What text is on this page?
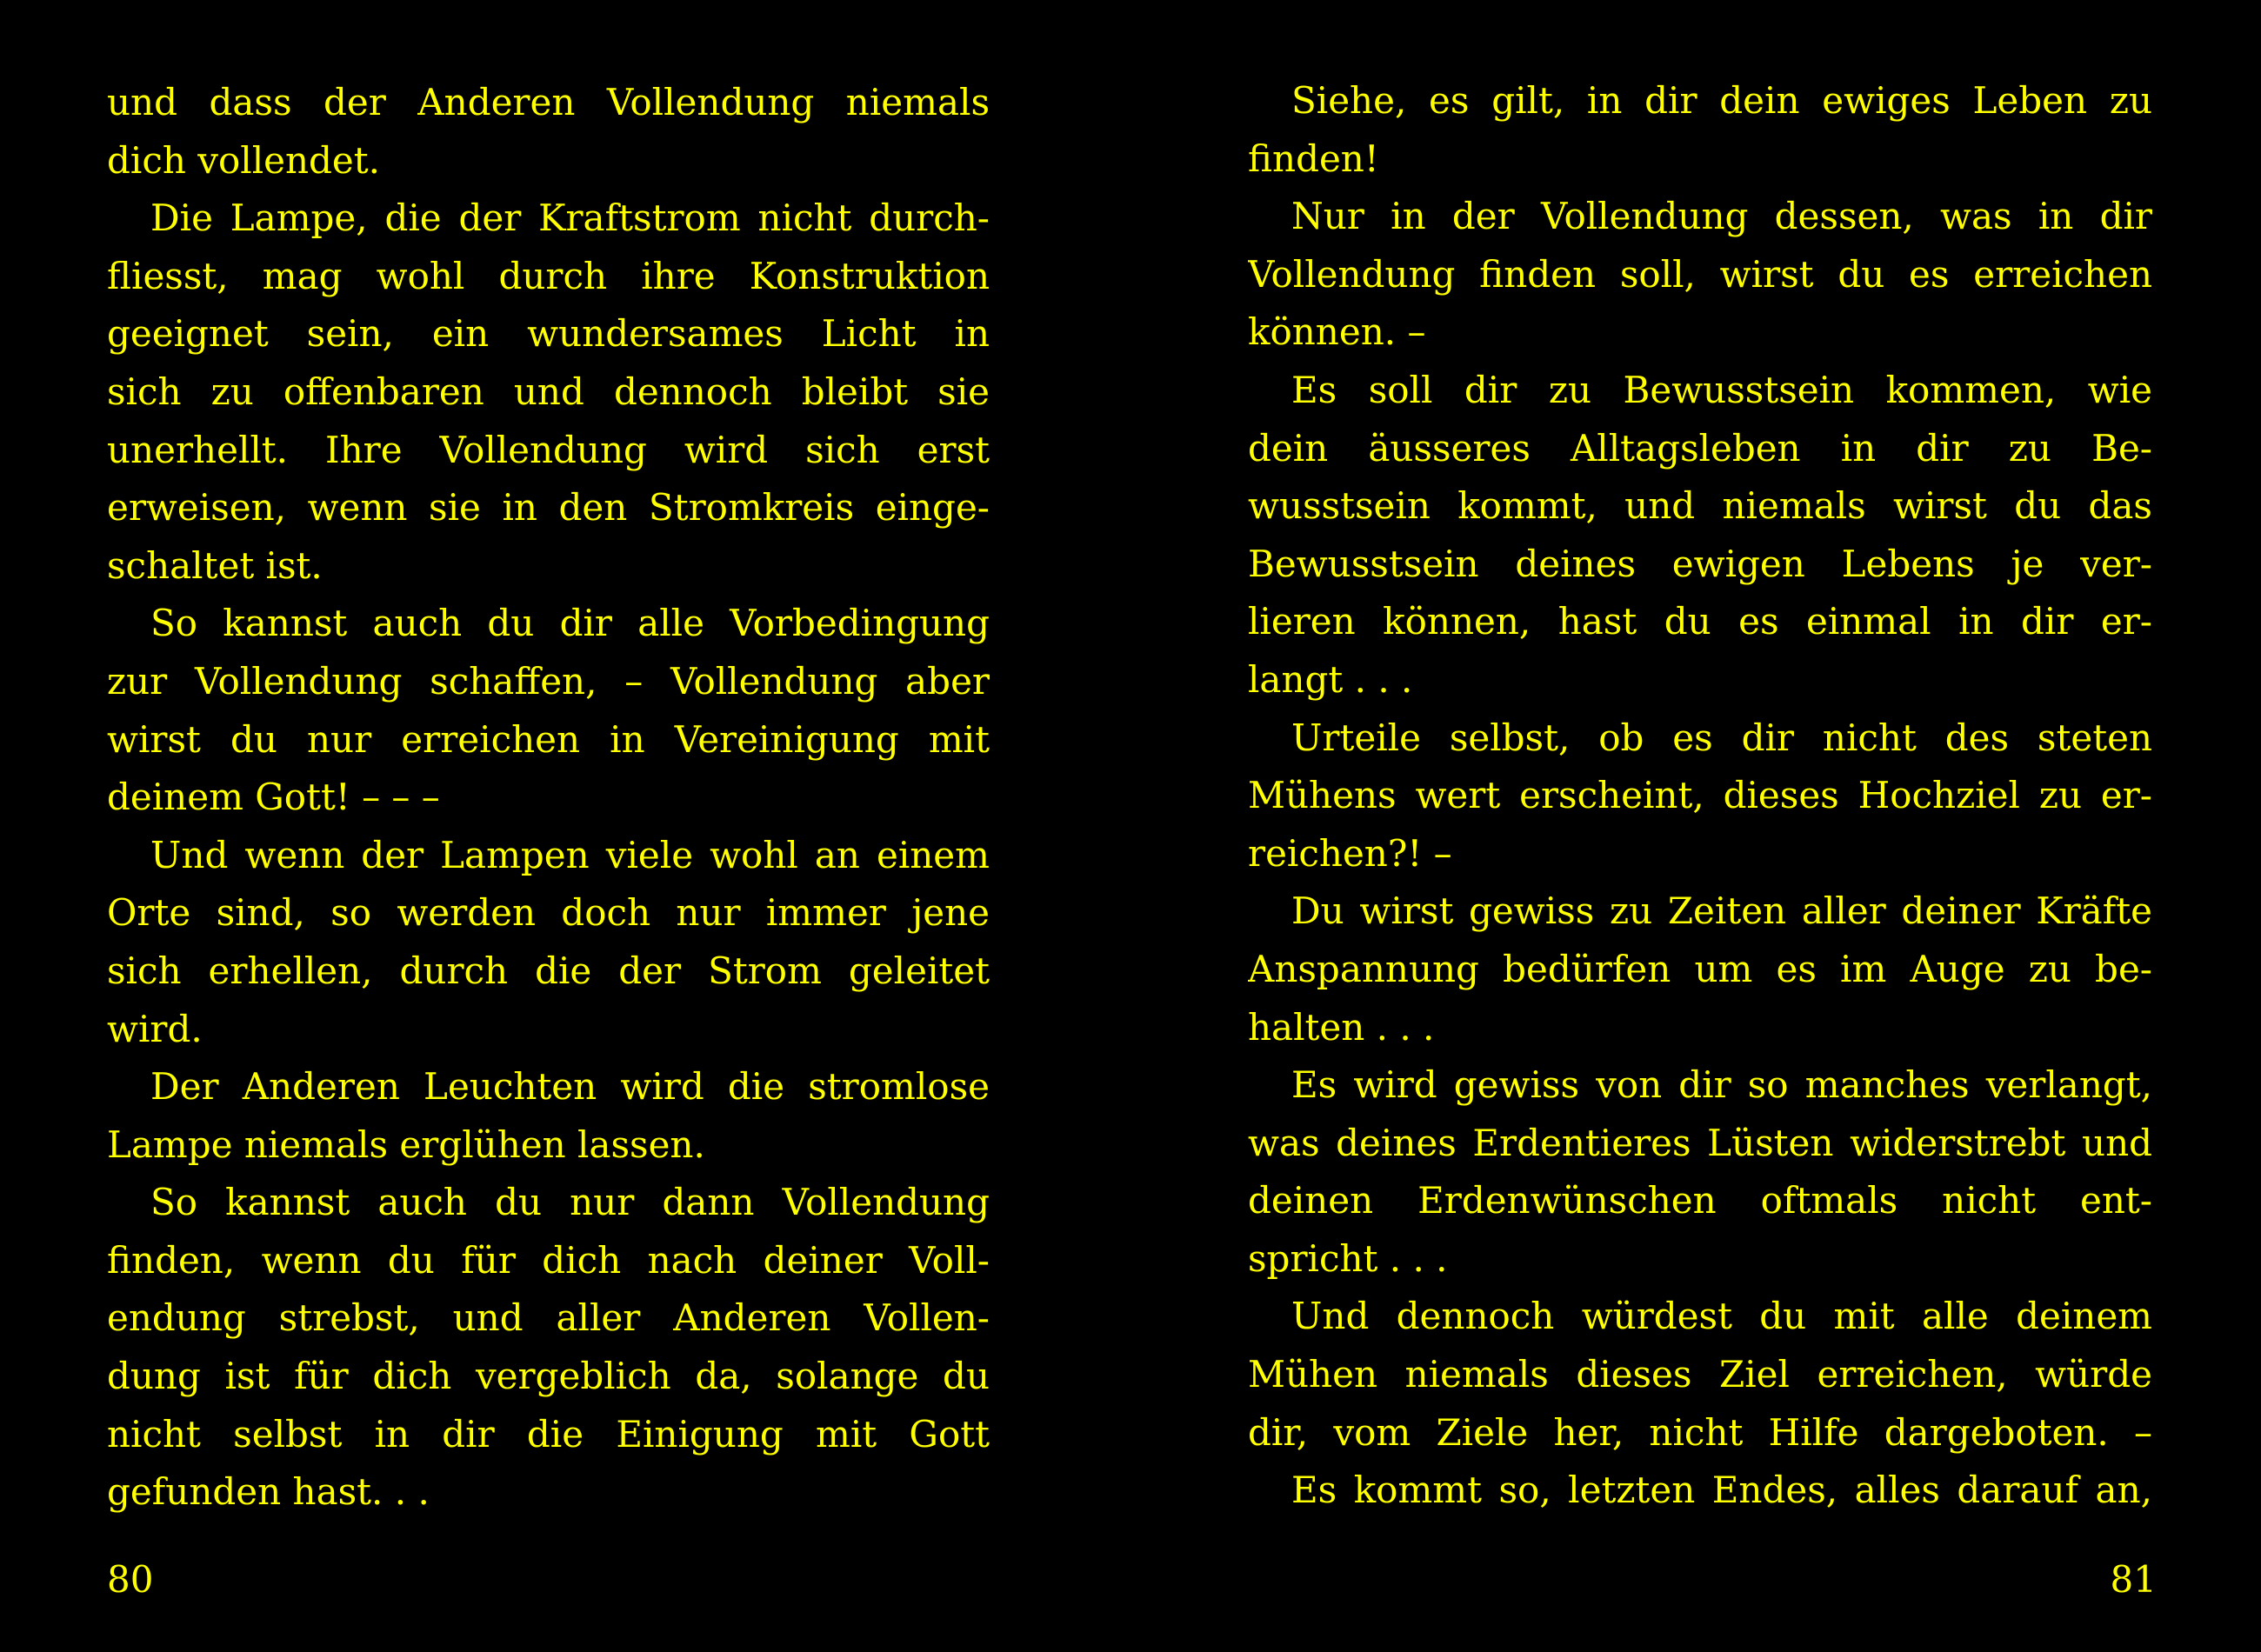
und dass der Anderen Vollendung niemals
dich vollendet.
Die Lampe, die der Kraftstrom nicht durch-
fliesst, mag wohl durch ihre Konstruktion
geeignet sein, ein wundersames Licht in
sich zu offenbaren und dennoch bleibt sie
unerhellt. Ihre Vollendung wird sich erst
erweisen, wenn sie in den Stromkreis einge-
schaltet ist.
So kannst auch du dir alle Vorbedingung
zur Vollendung schaffen, – Vollendung aber
wirst du nur erreichen in Vereinigung mit
deinem Gott! – – –
Und wenn der Lampen viele wohl an einem
Orte sind, so werden doch nur immer jene
sich erhellen, durch die der Strom geleitet
wird.
Der Anderen Leuchten wird die stromlose
Lampe niemals erglühen lassen.
So kannst auch du nur dann Vollendung
finden, wenn du für dich nach deiner Voll-
endung strebst, und aller Anderen Vollen-
dung ist für dich vergeblich da, solange du
nicht selbst in dir die Einigung mit Gott
gefunden hast. . .
80
Siehe, es gilt, in dir dein ewiges Leben zu
finden!
Nur in der Vollendung dessen, was in dir
Vollendung finden soll, wirst du es erreichen
können. –
Es soll dir zu Bewusstsein kommen, wie
dein äusseres Alltagsleben in dir zu Be-
wusstsein kommt, und niemals wirst du das
Bewusstsein deines ewigen Lebens je ver-
lieren können, hast du es einmal in dir er-
langt . . .
Urteile selbst, ob es dir nicht des steten
Mühens wert erscheint, dieses Hochziel zu er-
reichen?! –
Du wirst gewiss zu Zeiten aller deiner Kräfte
Anspannung bedürfen um es im Auge zu be-
halten . . .
Es wird gewiss von dir so manches verlangt,
was deines Erdentieres Lüsten widerstrebt und
deinen Erdenwünschen oftmals nicht ent-
spricht . . .
Und dennoch würdest du mit alle deinem
Mühen niemals dieses Ziel erreichen, würde
dir, vom Ziele her, nicht Hilfe dargeboten. –
Es kommt so, letzten Endes, alles darauf an,
81
